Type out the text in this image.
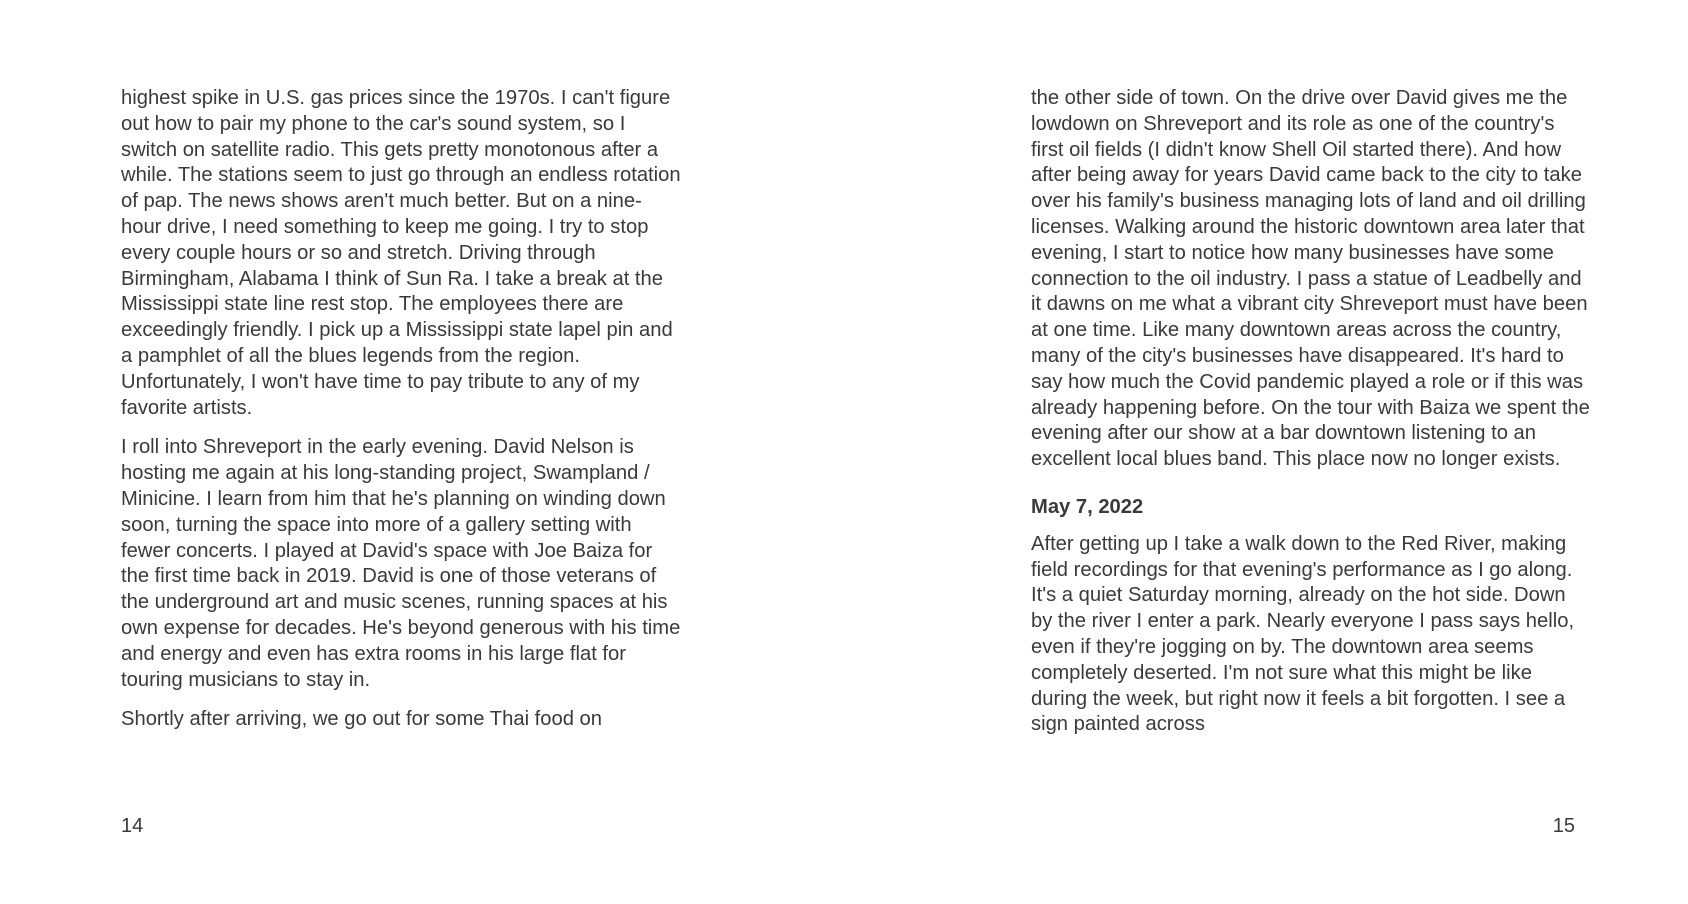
highest spike in U.S. gas prices since the 1970s. I can't figure out how to pair my phone to the car's sound system, so I switch on satellite radio. This gets pretty monotonous after a while. The stations seem to just go through an endless rotation of pap. The news shows aren't much better. But on a nine-hour drive, I need something to keep me going. I try to stop every couple hours or so and stretch. Driving through Birmingham, Alabama I think of Sun Ra. I take a break at the Mississippi state line rest stop. The employees there are exceedingly friendly. I pick up a Mississippi state lapel pin and a pamphlet of all the blues legends from the region. Unfortunately, I won't have time to pay tribute to any of my favorite artists.

I roll into Shreveport in the early evening. David Nelson is hosting me again at his long-standing project, Swampland / Minicine. I learn from him that he's planning on winding down soon, turning the space into more of a gallery setting with fewer concerts. I played at David's space with Joe Baiza for the first time back in 2019. David is one of those veterans of the underground art and music scenes, running spaces at his own expense for decades. He's beyond generous with his time and energy and even has extra rooms in his large flat for touring musicians to stay in.

Shortly after arriving, we go out for some Thai food on

14

the other side of town. On the drive over David gives me the lowdown on Shreveport and its role as one of the country's first oil fields (I didn't know Shell Oil started there). And how after being away for years David came back to the city to take over his family's business managing lots of land and oil drilling licenses. Walking around the historic downtown area later that evening, I start to notice how many businesses have some connection to the oil industry. I pass a statue of Leadbelly and it dawns on me what a vibrant city Shreveport must have been at one time. Like many downtown areas across the country, many of the city's businesses have disappeared. It's hard to say how much the Covid pandemic played a role or if this was already happening before. On the tour with Baiza we spent the evening after our show at a bar downtown listening to an excellent local blues band. This place now no longer exists.

May 7, 2022

After getting up I take a walk down to the Red River, making field recordings for that evening's performance as I go along. It's a quiet Saturday morning, already on the hot side. Down by the river I enter a park. Nearly everyone I pass says hello, even if they're jogging on by. The downtown area seems completely deserted. I'm not sure what this might be like during the week, but right now it feels a bit forgotten. I see a sign painted across

15
